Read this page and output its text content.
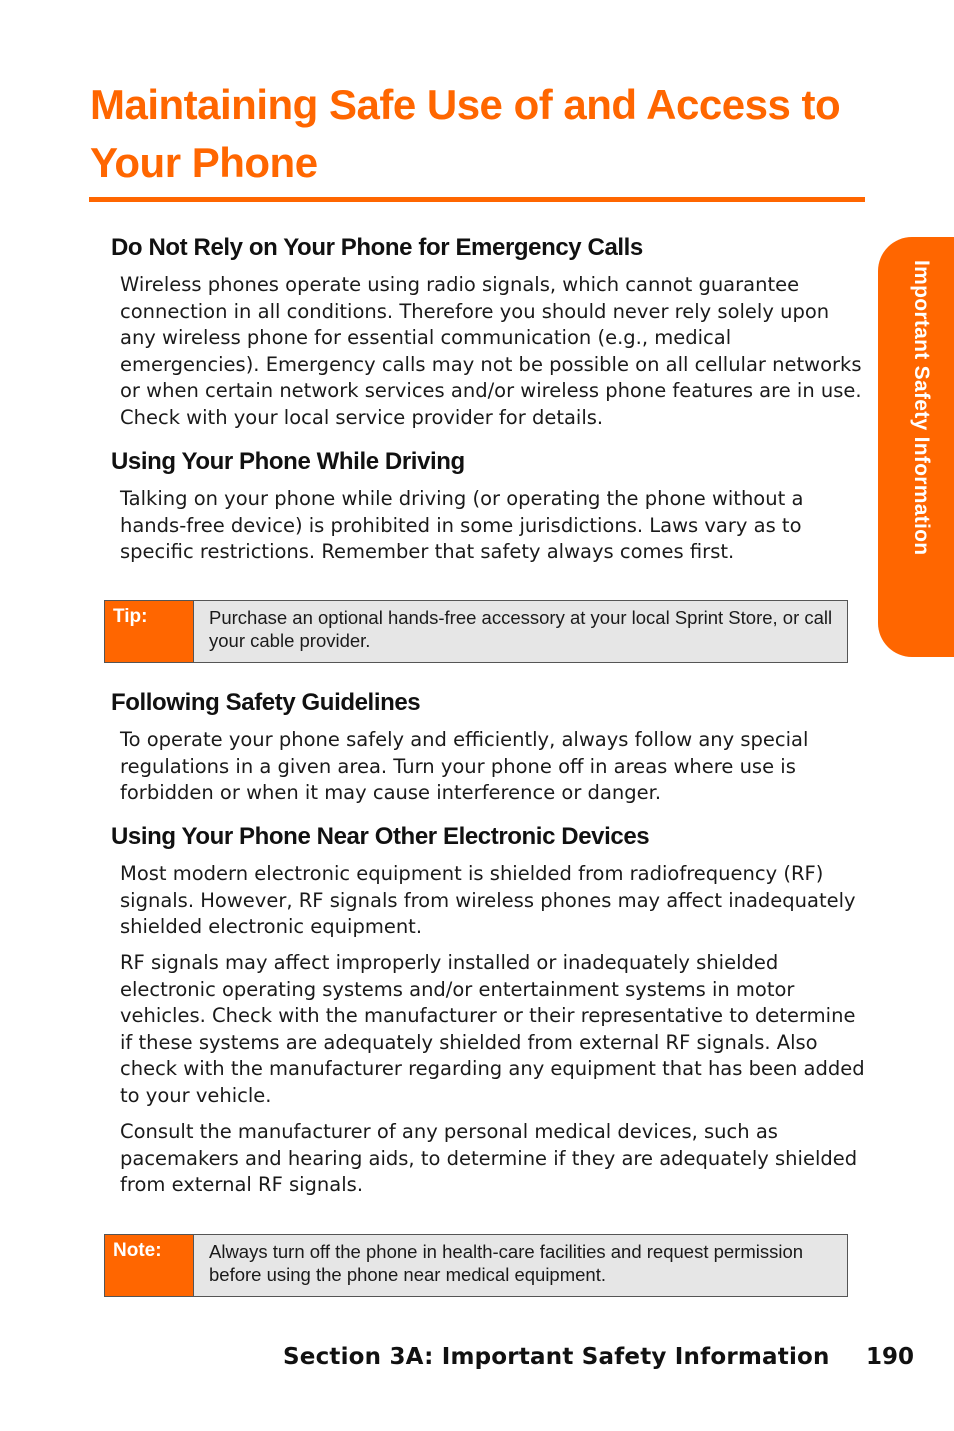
Maintaining Safe Use of and Access to Your Phone
Important Safety Information
Do Not Rely on Your Phone for Emergency Calls

Wireless phones operate using radio signals, which cannot guarantee connection in all conditions. Therefore you should never rely solely upon any wireless phone for essential communication (e.g., medical emergencies). Emergency calls may not be possible on all cellular networks or when certain network services and/or wireless phone features are in use. Check with your local service provider for details.

Using Your Phone While Driving

Talking on your phone while driving (or operating the phone without a hands-free device) is prohibited in some jurisdictions. Laws vary as to specific restrictions. Remember that safety always comes first.

Tip:	Purchase an optional hands-free accessory at your local Sprint Store, or call your cable provider.
Following Safety Guidelines

To operate your phone safely and efficiently, always follow any special regulations in a given area. Turn your phone off in areas where use is forbidden or when it may cause interference or danger.

Using Your Phone Near Other Electronic Devices

Most modern electronic equipment is shielded from radiofrequency (RF) signals. However, RF signals from wireless phones may affect inadequately shielded electronic equipment.

RF signals may affect improperly installed or inadequately shielded electronic operating systems and/or entertainment systems in motor vehicles. Check with the manufacturer or their representative to determine if these systems are adequately shielded from external RF signals. Also check with the manufacturer regarding any equipment that has been added to your vehicle.

Consult the manufacturer of any personal medical devices, such as pacemakers and hearing aids, to determine if they are adequately shielded from external RF signals.

Note:	Always turn off the phone in health-care facilities and request permission before using the phone near medical equipment.
Section 3A: Important Safety Information 190
